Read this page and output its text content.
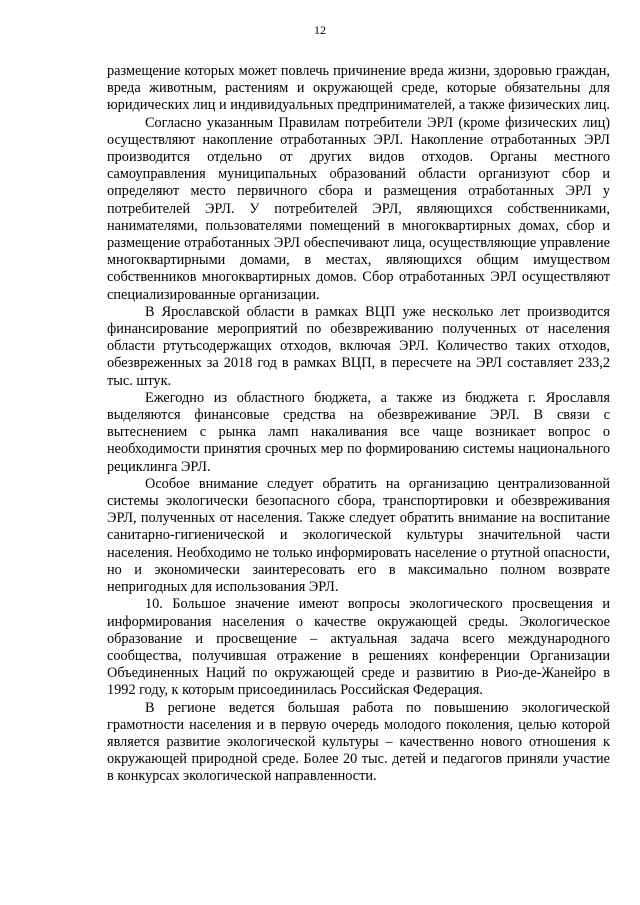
12

размещение которых может повлечь причинение вреда жизни, здоровью граждан, вреда животным, растениям и окружающей среде, которые обязательны для юридических лиц и индивидуальных предпринимателей, а также физических лиц.

Согласно указанным Правилам потребители ЭРЛ (кроме физических лиц) осуществляют накопление отработанных ЭРЛ. Накопление отработанных ЭРЛ производится отдельно от других видов отходов. Органы местного самоуправления муниципальных образований области организуют сбор и определяют место первичного сбора и размещения отработанных ЭРЛ у потребителей ЭРЛ. У потребителей ЭРЛ, являющихся собственниками, нанимателями, пользователями помещений в многоквартирных домах, сбор и размещение отработанных ЭРЛ обеспечивают лица, осуществляющие управление многоквартирными домами, в местах, являющихся общим имуществом собственников многоквартирных домов. Сбор отработанных ЭРЛ осуществляют специализированные организации.

В Ярославской области в рамках ВЦП уже несколько лет производится финансирование мероприятий по обезвреживанию полученных от населения области ртутьсодержащих отходов, включая ЭРЛ. Количество таких отходов, обезвреженных за 2018 год в рамках ВЦП, в пересчете на ЭРЛ составляет 233,2 тыс. штук.

Ежегодно из областного бюджета, а также из бюджета г. Ярославля выделяются финансовые средства на обезвреживание ЭРЛ. В связи с вытеснением с рынка ламп накаливания все чаще возникает вопрос о необходимости принятия срочных мер по формированию системы национального рециклинга ЭРЛ.

Особое внимание следует обратить на организацию централизованной системы экологически безопасного сбора, транспортировки и обезвреживания ЭРЛ, полученных от населения. Также следует обратить внимание на воспитание санитарно-гигиенической и экологической культуры значительной части населения. Необходимо не только информировать население о ртутной опасности, но и экономически заинтересовать его в максимально полном возврате непригодных для использования ЭРЛ.

10. Большое значение имеют вопросы экологического просвещения и информирования населения о качестве окружающей среды. Экологическое образование и просвещение – актуальная задача всего международного сообщества, получившая отражение в решениях конференции Организации Объединенных Наций по окружающей среде и развитию в Рио-де-Жанейро в 1992 году, к которым присоединилась Российская Федерация.

В регионе ведется большая работа по повышению экологической грамотности населения и в первую очередь молодого поколения, целью которой является развитие экологической культуры – качественно нового отношения к окружающей природной среде. Более 20 тыс. детей и педагогов приняли участие в конкурсах экологической направленности.
